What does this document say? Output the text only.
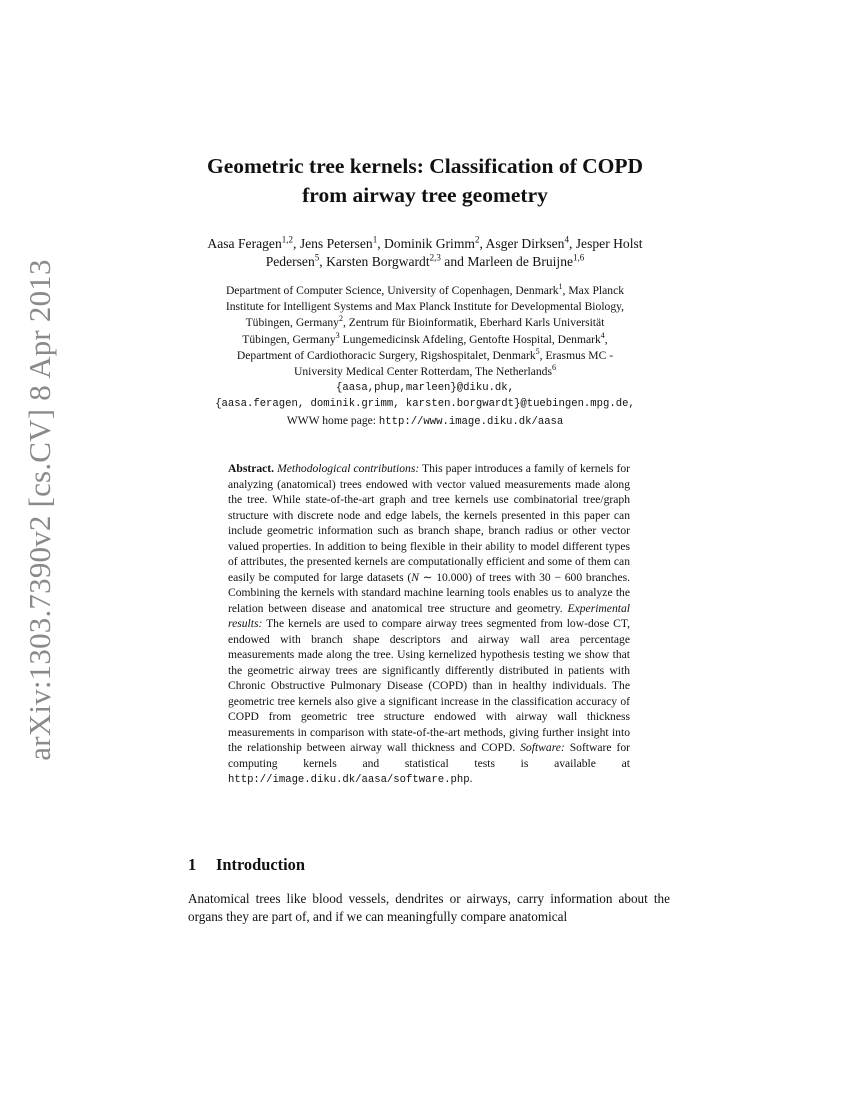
arXiv:1303.7390v2 [cs.CV] 8 Apr 2013
Geometric tree kernels: Classification of COPD
from airway tree geometry
Aasa Feragen$^{1,2}$, Jens Petersen$^1$, Dominik Grimm$^2$, Asger Dirksen$^4$, Jesper Holst Pedersen$^5$, Karsten Borgwardt$^{2,3}$ and Marleen de Bruijne$^{1,6}$
Department of Computer Science, University of Copenhagen, Denmark$^1$, Max Planck
Institute for Intelligent Systems and Max Planck Institute for Developmental Biology,
Tübingen, Germany$^2$, Zentrum für Bioinformatik, Eberhard Karls Universität
Tübingen, Germany$^3$ Lungemedicinsk Afdeling, Gentofte Hospital, Denmark$^4$,
Department of Cardiothoracic Surgery, Rigshospitalet, Denmark$^5$, Erasmus MC -
University Medical Center Rotterdam, The Netherlands$^6$
{aasa,phup,marleen}@diku.dk,
{aasa.feragen, dominik.grimm, karsten.borgwardt}@tuebingen.mpg.de,
WWW home page: http://www.image.diku.dk/aasa

Abstract. Methodological contributions: This paper introduces a family of kernels for analyzing (anatomical) trees endowed with vector valued measurements made along the tree. While state-of-the-art graph and tree kernels use combinatorial tree/graph structure with discrete node and edge labels, the kernels presented in this paper can include geometric information such as branch shape, branch radius or other vector valued properties. In addition to being flexible in their ability to model different types of attributes, the presented kernels are computationally efficient and some of them can easily be computed for large datasets (N ∼ 10.000) of trees with 30 − 600 branches. Combining the kernels with standard machine learning tools enables us to analyze the relation between disease and anatomical tree structure and geometry. Experimental results: The kernels are used to compare airway trees segmented from low-dose CT, endowed with branch shape descriptors and airway wall area percentage measurements made along the tree. Using kernelized hypothesis testing we show that the geometric airway trees are significantly differently distributed in patients with Chronic Obstructive Pulmonary Disease (COPD) than in healthy individuals. The geometric tree kernels also give a significant increase in the classification accuracy of COPD from geometric tree structure endowed with airway wall thickness measurements in comparison with state-of-the-art methods, giving further insight into the relationship between airway wall thickness and COPD. Software: Software for computing kernels and statistical tests is available at http://image.diku.dk/aasa/software.php.

1 Introduction

Anatomical trees like blood vessels, dendrites or airways, carry information about the organs they are part of, and if we can meaningfully compare anatomical
